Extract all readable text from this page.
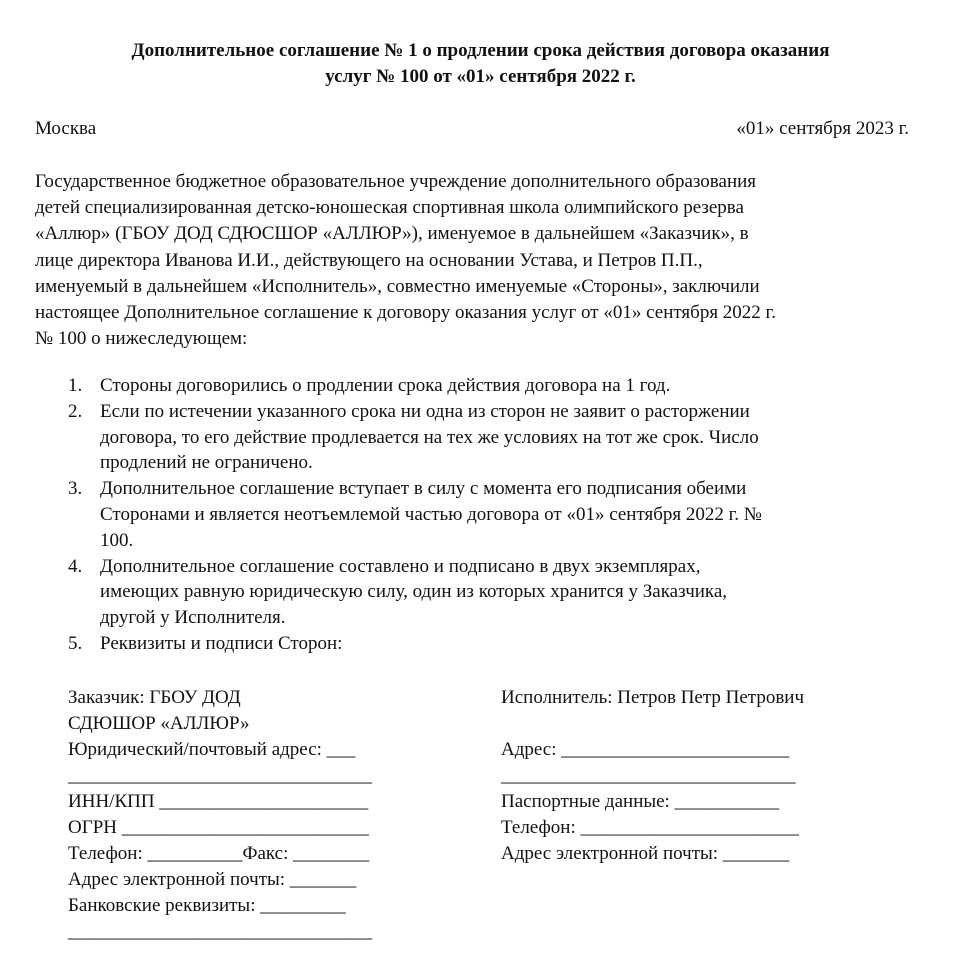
Дополнительное соглашение № 1 о продлении срока действия договора оказания
услуг № 100 от «01» сентября 2022 г.
Москва	«01» сентября 2023 г.
Государственное бюджетное образовательное учреждение дополнительного образования
детей специализированная детско-юношеская спортивная школа олимпийского резерва
«Аллюр» (ГБОУ ДОД СДЮСШОР «АЛЛЮР»), именуемое в дальнейшем «Заказчик», в
лице директора Иванова И.И., действующего на основании Устава, и Петров П.П.,
именуемый в дальнейшем «Исполнитель», совместно именуемые «Стороны», заключили
настоящее Дополнительное соглашение к договору оказания услуг от «01» сентября 2022 г.
№ 100 о нижеследующем:
1. Стороны договорились о продлении срока действия договора на 1 год.
2. Если по истечении указанного срока ни одна из сторон не заявит о расторжении
договора, то его действие продлевается на тех же условиях на тот же срок. Число
продлений не ограничено.
3. Дополнительное соглашение вступает в силу с момента его подписания обеими
Сторонами и является неотъемлемой частью договора от «01» сентября 2022 г. №
100.
4. Дополнительное соглашение составлено и подписано в двух экземплярах,
имеющих равную юридическую силу, один из которых хранится у Заказчика,
другой у Исполнителя.
5. Реквизиты и подписи Сторон:
Заказчик: ГБОУ ДОД
СДЮШОР «АЛЛЮР»
Юридический/почтовый адрес: ___
________________________________
ИНН/КПП ______________________
ОГРН __________________________
Телефон: __________Факс: ________
Адрес электронной почты: _______
Банковские реквизиты: _________
________________________________
Исполнитель: Петров Петр Петрович
Адрес: ________________________
_______________________________
Паспортные данные: ___________
Телефон: _______________________
Адрес электронной почты: _______
